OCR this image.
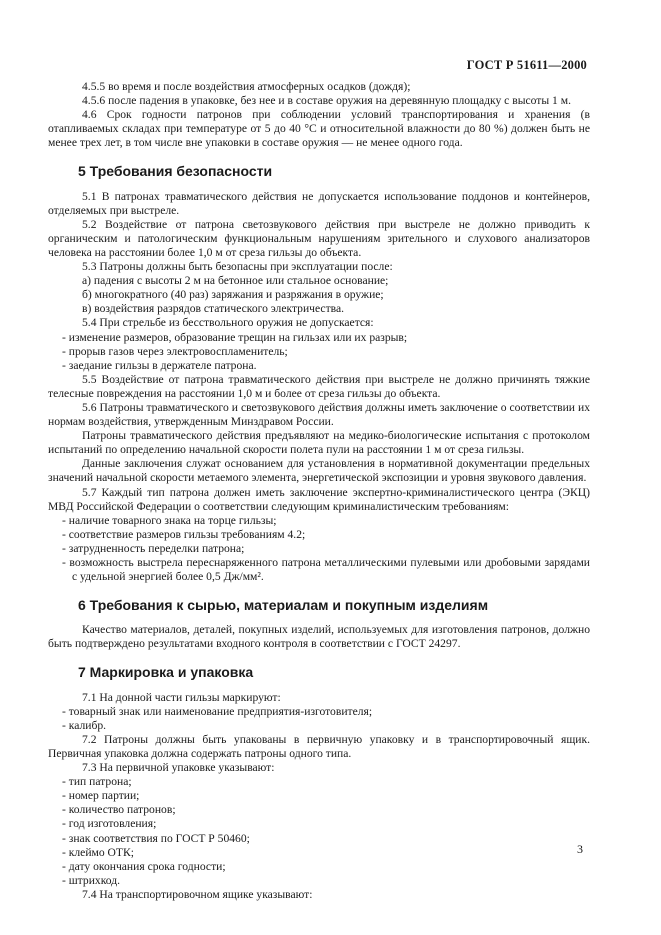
ГОСТ Р 51611—2000

4.5.5 во время и после воздействия атмосферных осадков (дождя);

4.5.6 после падения в упаковке, без нее и в составе оружия на деревянную площадку с высоты 1 м.

4.6 Срок годности патронов при соблюдении условий транспортирования и хранения (в отапливаемых складах при температуре от 5 до 40 °С и относительной влажности до 80 %) должен быть не менее трех лет, в том числе вне упаковки в составе оружия — не менее одного года.

5 Требования безопасности

5.1 В патронах травматического действия не допускается использование поддонов и контейнеров, отделяемых при выстреле.

5.2 Воздействие от патрона светозвукового действия при выстреле не должно приводить к органическим и патологическим функциональным нарушениям зрительного и слухового анализаторов человека на расстоянии более 1,0 м от среза гильзы до объекта.

5.3 Патроны должны быть безопасны при эксплуатации после:

а) падения с высоты 2 м на бетонное или стальное основание;

б) многократного (40 раз) заряжания и разряжания в оружие;

в) воздействия разрядов статического электричества.

5.4 При стрельбе из бесствольного оружия не допускается:

- изменение размеров, образование трещин на гильзах или их разрыв;

- прорыв газов через электровоспламенитель;

- заедание гильзы в держателе патрона.

5.5 Воздействие от патрона травматического действия при выстреле не должно причинять тяжкие телесные повреждения на расстоянии 1,0 м и более от среза гильзы до объекта.

5.6 Патроны травматического и светозвукового действия должны иметь заключение о соответствии их нормам воздействия, утвержденным Минздравом России.

Патроны травматического действия предъявляют на медико-биологические испытания с протоколом испытаний по определению начальной скорости полета пули на расстоянии 1 м от среза гильзы.

Данные заключения служат основанием для установления в нормативной документации предельных значений начальной скорости метаемого элемента, энергетической экспозиции и уровня звукового давления.

5.7 Каждый тип патрона должен иметь заключение экспертно-криминалистического центра (ЭКЦ) МВД Российской Федерации о соответствии следующим криминалистическим требованиям:

- наличие товарного знака на торце гильзы;

- соответствие размеров гильзы требованиям 4.2;

- затрудненность переделки патрона;

- возможность выстрела переснаряженного патрона металлическими пулевыми или дробовыми зарядами с удельной энергией более 0,5 Дж/мм².

6 Требования к сырью, материалам и покупным изделиям

Качество материалов, деталей, покупных изделий, используемых для изготовления патронов, должно быть подтверждено результатами входного контроля в соответствии с ГОСТ 24297.

7 Маркировка и упаковка

7.1 На донной части гильзы маркируют:

- товарный знак или наименование предприятия-изготовителя;

- калибр.

7.2 Патроны должны быть упакованы в первичную упаковку и в транспортировочный ящик. Первичная упаковка должна содержать патроны одного типа.

7.3 На первичной упаковке указывают:

- тип патрона;

- номер партии;

- количество патронов;

- год изготовления;

- знак соответствия по ГОСТ Р 50460;

- клеймо ОТК;

- дату окончания срока годности;

- штрихкод.

7.4 На транспортировочном ящике указывают:

3
